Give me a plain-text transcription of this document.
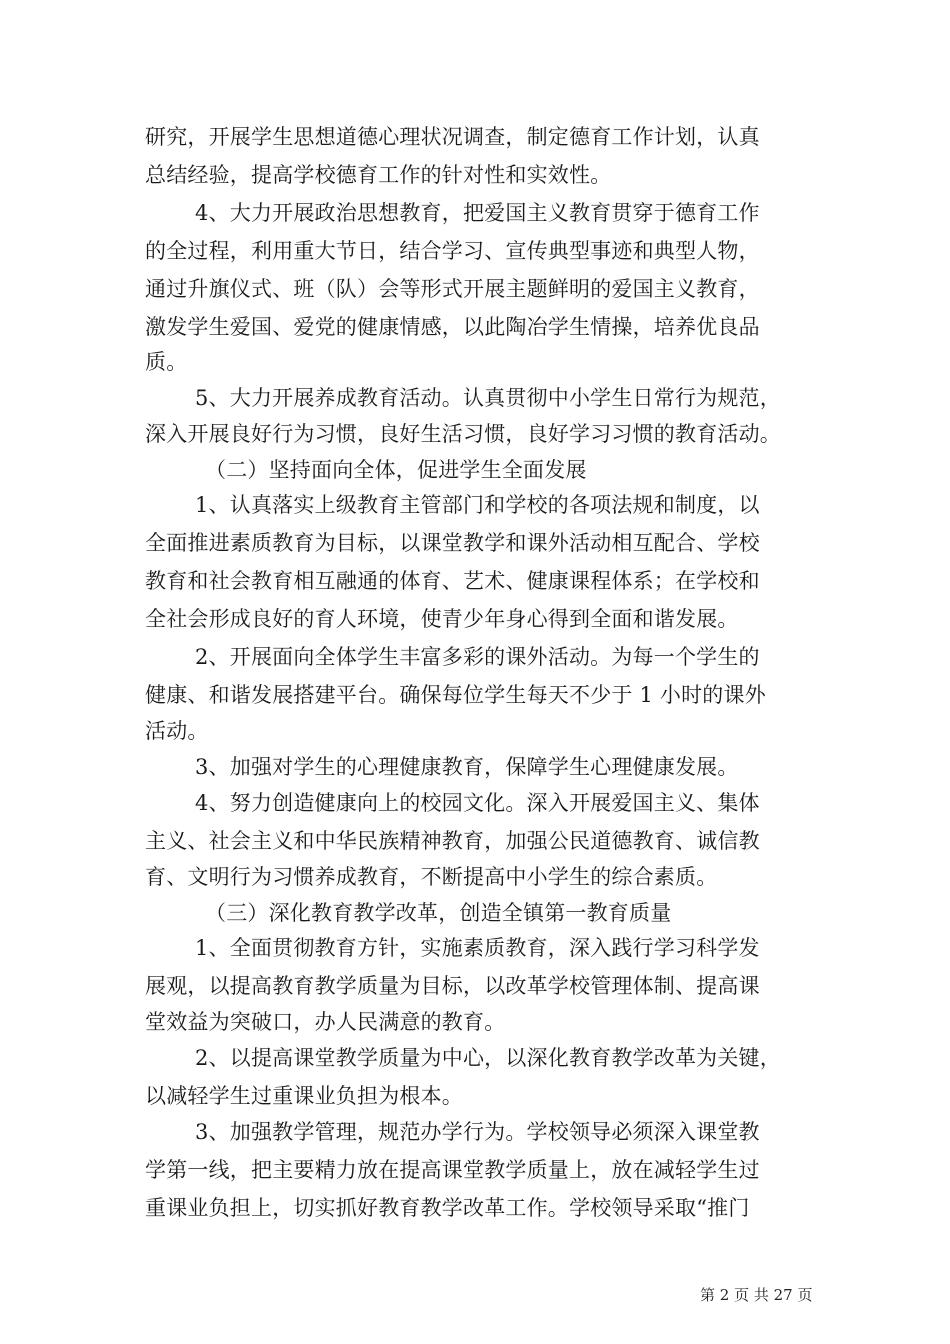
研究，开展学生思想道德心理状况调查，制定德育工作计划，认真
总结经验，提高学校德育工作的针对性和实效性。
4、大力开展政治思想教育，把爱国主义教育贯穿于德育工作
的全过程，利用重大节日，结合学习、宣传典型事迹和典型人物，
通过升旗仪式、班（队）会等形式开展主题鲜明的爱国主义教育，
激发学生爱国、爱党的健康情感，以此陶冶学生情操，培养优良品
质。
5、大力开展养成教育活动。认真贯彻中小学生日常行为规范，
深入开展良好行为习惯，良好生活习惯，良好学习习惯的教育活动。
（二）坚持面向全体，促进学生全面发展
1、认真落实上级教育主管部门和学校的各项法规和制度，以
全面推进素质教育为目标，以课堂教学和课外活动相互配合、学校
教育和社会教育相互融通的体育、艺术、健康课程体系；在学校和
全社会形成良好的育人环境，使青少年身心得到全面和谐发展。
2、开展面向全体学生丰富多彩的课外活动。为每一个学生的
健康、和谐发展搭建平台。确保每位学生每天不少于 1 小时的课外
活动。
3、加强对学生的心理健康教育，保障学生心理健康发展。
4、努力创造健康向上的校园文化。深入开展爱国主义、集体
主义、社会主义和中华民族精神教育，加强公民道德教育、诚信教
育、文明行为习惯养成教育，不断提高中小学生的综合素质。
（三）深化教育教学改革，创造全镇第一教育质量
1、全面贯彻教育方针，实施素质教育，深入践行学习科学发
展观，以提高教育教学质量为目标，以改革学校管理体制、提高课
堂效益为突破口，办人民满意的教育。
2、以提高课堂教学质量为中心，以深化教育教学改革为关键，
以减轻学生过重课业负担为根本。
3、加强教学管理，规范办学行为。学校领导必须深入课堂教
学第一线，把主要精力放在提高课堂教学质量上，放在减轻学生过
重课业负担上，切实抓好教育教学改革工作。学校领导采取“推门
第 2 页 共 27 页
